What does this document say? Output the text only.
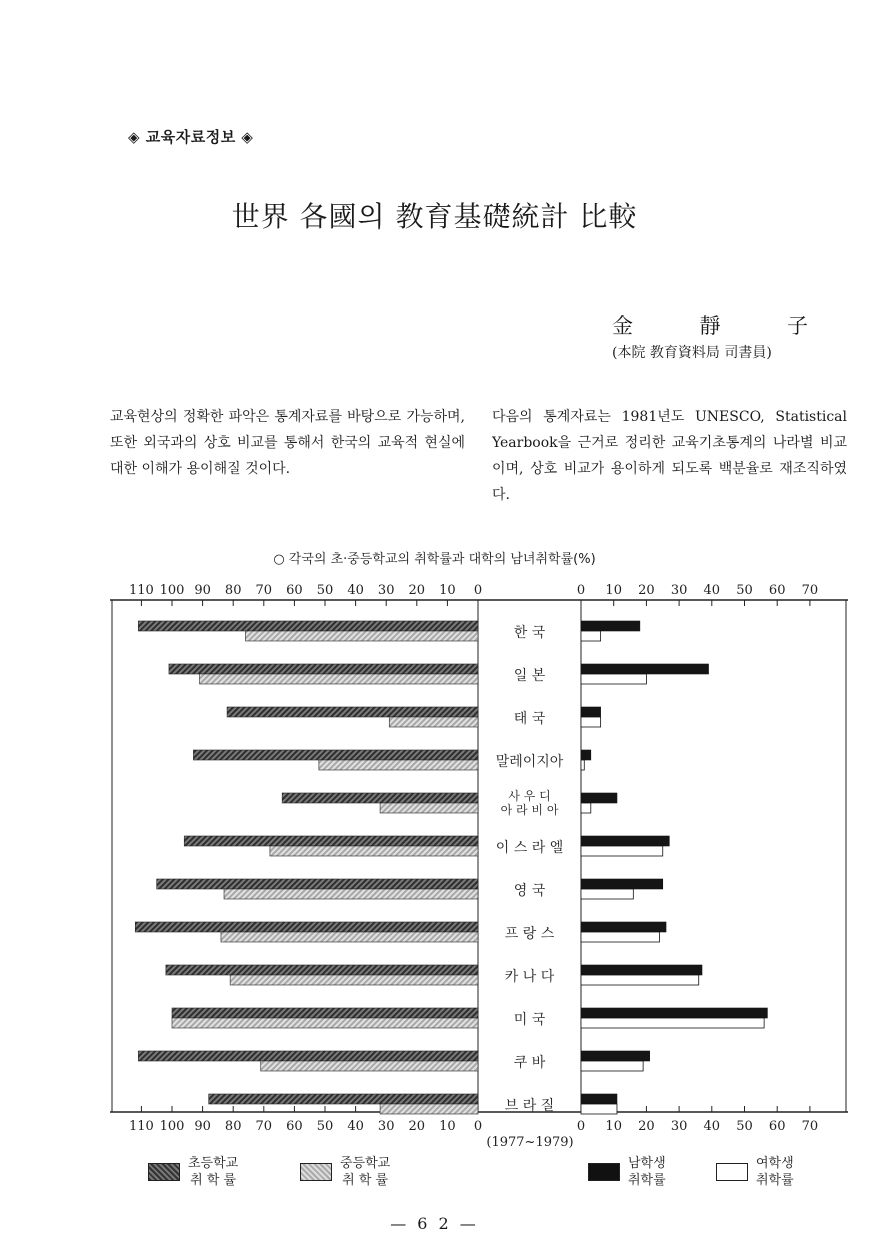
◈ 교육자료정보 ◈
世界 各國의 教育基礎統計 比較
金	靜	子
(本院 教育資料局 司書員)
교육현상의 정확한 파악은 통계자료를 바탕으로 가능하며, 또한 외국과의 상호 비교를 통해서 한국의 교육적 현실에 대한 이해가 용이해질 것이다.
다음의 통계자료는 1981년도 UNESCO, Statistical Yearbook을 근거로 정리한 교육기초통계의 나라별 비교이며, 상호 비교가 용이하게 되도록 백분율로 재조직하였다.
○ 각국의 초·중등학교의 취학률과 대학의 남녀취학률(%)
110
110
100
100
90
90
80
80
70
70
60
60
50
50
40
40
30
30
20
20
10
10
0
0
0
0
10
10
20
20
30
30
40
40
50
50
60
60
70
70
(1977~1979)
한 국
일 본
태 국
말레이지아
사 우 디
아 라 비 아
이 스 라 엘
영 국
프 랑 스
카 나 다
미 국
쿠 바
브 라 질
초등학교
취 학 률
중등학교
취 학 률
남학생
취학률
여학생
취학률
— 6 2 —
